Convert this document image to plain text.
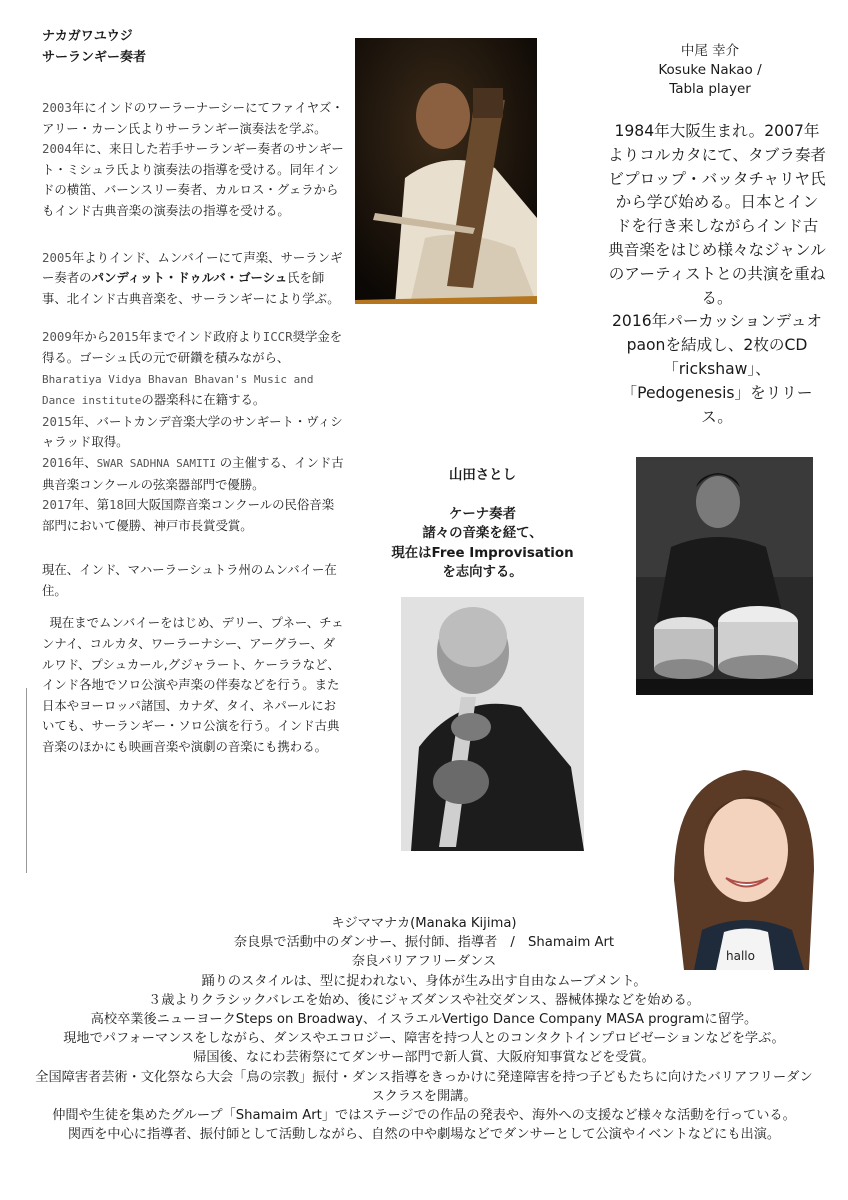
ナカガワユウジ
サーランギー奏者

2003年にインドのワーラーナーシーにてファイヤズ・アリー・カーン氏よりサーランギー演奏法を学ぶ。2004年に、来日した若手サーランギー奏者のサンギート・ミシュラ氏より演奏法の指導を受ける。同年インドの横笛、バーンスリー奏者、カルロス・グェラからもインド古典音楽の演奏法の指導を受ける。

2005年よりインド、ムンバイーにて声楽、サーランギー奏者のパンディット・ドゥルバ・ゴーシュ氏を師事、北インド古典音楽を、サーランギーにより学ぶ。

2009年から2015年までインド政府よりICCR奨学金を得る。ゴーシュ氏の元で研鑽を積みながら、Bharatiya Vidya Bhavan Bhavan's Music and Dance instituteの器楽科に在籍する。
2015年、バートカンデ音楽大学のサンギート・ヴィシャラッド取得。
2016年、SWAR SADHNA SAMITI の主催する、インド古典音楽コンクールの弦楽器部門で優勝。
2017年、第18回大阪国際音楽コンクールの民俗音楽部門において優勝、神戸市長賞受賞。

現在、インド、マハーラーシュトラ州のムンバイー在住。

現在までムンバイーをはじめ、デリー、プネー、チェンナイ、コルカタ、ワーラーナシー、アーグラー、ダルワド、プシュカール,グジャラート、ケーララなど、インド各地でソロ公演や声楽の伴奏などを行う。また日本やヨーロッパ諸国、カナダ、タイ、ネパールにおいても、サーランギー・ソロ公演を行う。インド古典音楽のほかにも映画音楽や演劇の音楽にも携わる。

中尾 幸介
Kosuke Nakao /
Tabla player
1984年大阪生まれ。2007年よりコルカタにて、タブラ奏者ビプロップ・バッタチャリヤ氏から学び始める。日本とインドを行き来しながらインド古典音楽をはじめ様々なジャンルのアーティストとの共演を重ねる。
2016年パーカッションデュオpaonを結成し、2枚のCD「rickshaw」、「Pedogenesis」をリリース。

山田さとし

ケーナ奏者

諸々の音楽を経て、

現在はFree Improvisation

を志向する。

hallo

キジママナカ(Manaka Kijima)

奈良県で活動中のダンサー、振付師、指導者　/　Shamaim Art

奈良バリアフリーダンス

踊りのスタイルは、型に捉われない、身体が生み出す自由なムーブメント。

３歳よりクラシックバレエを始め、後にジャズダンスや社交ダンス、器械体操などを始める。

高校卒業後ニューヨークSteps on Broadway、イスラエルVertigo Dance Company MASA programに留学。

現地でパフォーマンスをしながら、ダンスやエコロジー、障害を持つ人とのコンタクトインプロビゼーションなどを学ぶ。

帰国後、なにわ芸術祭にてダンサー部門で新人賞、大阪府知事賞などを受賞。

全国障害者芸術・文化祭なら大会「鳥の宗教」振付・ダンス指導をきっかけに発達障害を持つ子どもたちに向けたバリアフリーダンスクラスを開講。

仲間や生徒を集めたグループ「Shamaim Art」ではステージでの作品の発表や、海外への支援など様々な活動を行っている。

関西を中心に指導者、振付師として活動しながら、自然の中や劇場などでダンサーとして公演やイベントなどにも出演。
